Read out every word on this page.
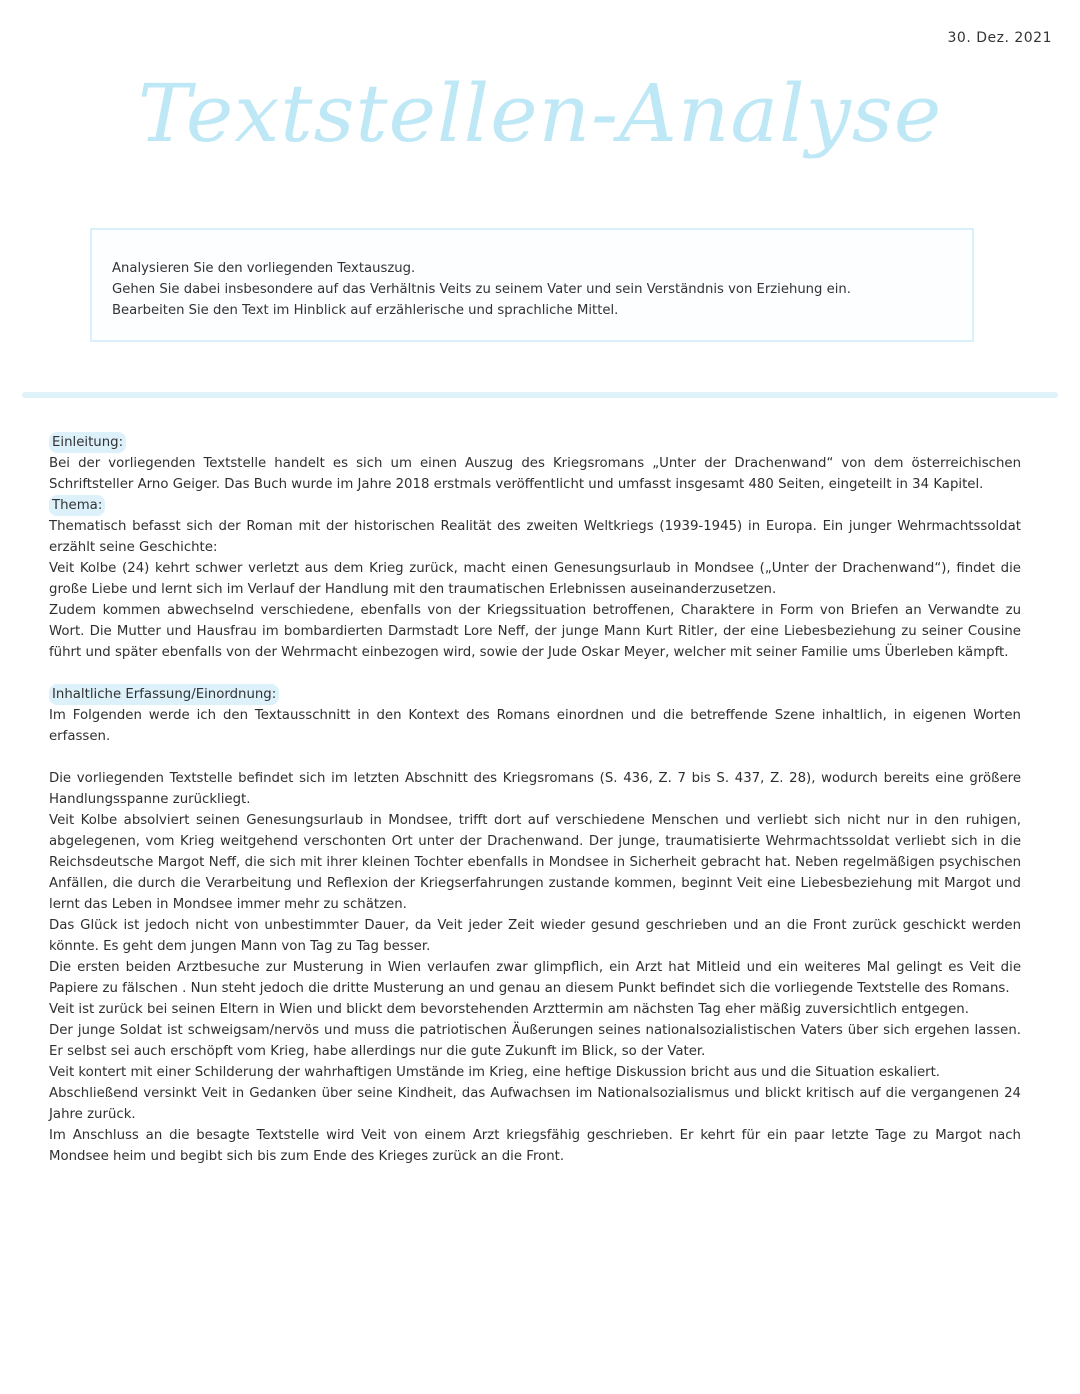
30. Dez. 2021
Textstellen-Analyse

Analysieren Sie den vorliegenden Textauszug.

Gehen Sie dabei insbesondere auf das Verhältnis Veits zu seinem Vater und sein Verständnis von Erziehung ein.

Bearbeiten Sie den Text im Hinblick auf erzählerische und sprachliche Mittel.

Einleitung:

Bei der vorliegenden Textstelle handelt es sich um einen Auszug des Kriegsromans „Unter der Drachenwand“ von dem österreichischen Schriftsteller Arno Geiger. Das Buch wurde im Jahre 2018 erstmals veröffentlicht und umfasst insgesamt 480 Seiten, eingeteilt in 34 Kapitel.

Thema:

Thematisch befasst sich der Roman mit der historischen Realität des zweiten Weltkriegs (1939-1945) in Europa. Ein junger Wehrmachtssoldat erzählt seine Geschichte:

Veit Kolbe (24) kehrt schwer verletzt aus dem Krieg zurück, macht einen Genesungsurlaub in Mondsee („Unter der Drachenwand“), findet die große Liebe und lernt sich im Verlauf der Handlung mit den traumatischen Erlebnissen auseinanderzusetzen.

Zudem kommen abwechselnd verschiedene, ebenfalls von der Kriegssituation betroffenen, Charaktere in Form von Briefen an Verwandte zu Wort. Die Mutter und Hausfrau im bombardierten Darmstadt Lore Neff, der junge Mann Kurt Ritler, der eine Liebesbeziehung zu seiner Cousine führt und später ebenfalls von der Wehrmacht einbezogen wird, sowie der Jude Oskar Meyer, welcher mit seiner Familie ums Überleben kämpft.

Inhaltliche Erfassung/Einordnung:

Im Folgenden werde ich den Textausschnitt in den Kontext des Romans einordnen und die betreffende Szene inhaltlich, in eigenen Worten erfassen.

Die vorliegenden Textstelle befindet sich im letzten Abschnitt des Kriegsromans (S. 436, Z. 7 bis S. 437, Z. 28), wodurch bereits eine größere Handlungsspanne zurückliegt.

Veit Kolbe absolviert seinen Genesungsurlaub in Mondsee, trifft dort auf verschiedene Menschen und verliebt sich nicht nur in den ruhigen, abgelegenen, vom Krieg weitgehend verschonten Ort unter der Drachenwand. Der junge, traumatisierte Wehrmachtssoldat verliebt sich in die Reichsdeutsche Margot Neff, die sich mit ihrer kleinen Tochter ebenfalls in Mondsee in Sicherheit gebracht hat. Neben regelmäßigen psychischen Anfällen, die durch die Verarbeitung und Reflexion der Kriegserfahrungen zustande kommen, beginnt Veit eine Liebesbeziehung mit Margot und lernt das Leben in Mondsee immer mehr zu schätzen.

Das Glück ist jedoch nicht von unbestimmter Dauer, da Veit jeder Zeit wieder gesund geschrieben und an die Front zurück geschickt werden könnte. Es geht dem jungen Mann von Tag zu Tag besser.

Die ersten beiden Arztbesuche zur Musterung in Wien verlaufen zwar glimpflich, ein Arzt hat Mitleid und ein weiteres Mal gelingt es Veit die Papiere zu fälschen . Nun steht jedoch die dritte Musterung an und genau an diesem Punkt befindet sich die vorliegende Textstelle des Romans.

Veit ist zurück bei seinen Eltern in Wien und blickt dem bevorstehenden Arzttermin am nächsten Tag eher mäßig zuversichtlich entgegen.

Der junge Soldat ist schweigsam/nervös und muss die patriotischen Äußerungen seines nationalsozialistischen Vaters über sich ergehen lassen. Er selbst sei auch erschöpft vom Krieg, habe allerdings nur die gute Zukunft im Blick, so der Vater.

Veit kontert mit einer Schilderung der wahrhaftigen Umstände im Krieg, eine heftige Diskussion bricht aus und die Situation eskaliert.

Abschließend versinkt Veit in Gedanken über seine Kindheit, das Aufwachsen im Nationalsozialismus und blickt kritisch auf die vergangenen 24 Jahre zurück.

Im Anschluss an die besagte Textstelle wird Veit von einem Arzt kriegsfähig geschrieben. Er kehrt für ein paar letzte Tage zu Margot nach Mondsee heim und begibt sich bis zum Ende des Krieges zurück an die Front.
